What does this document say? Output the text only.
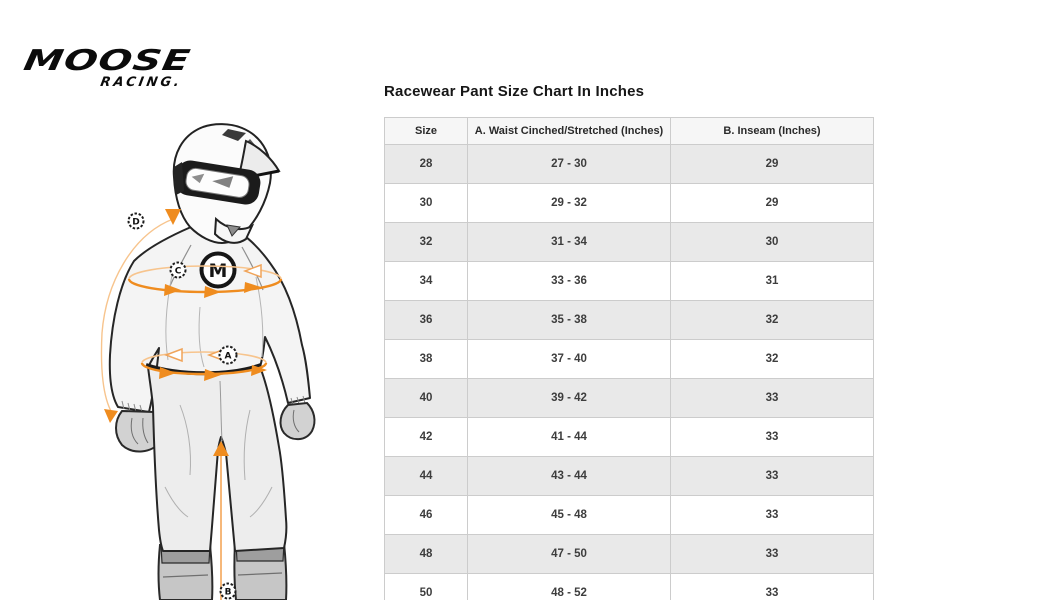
MOOSE
RACING.
M
D
C
A
B
Racewear Pant Size Chart In Inches
Size	A. Waist Cinched/Stretched (Inches)	B. Inseam (Inches)
28	27 - 30	29
30	29 - 32	29
32	31 - 34	30
34	33 - 36	31
36	35 - 38	32
38	37 - 40	32
40	39 - 42	33
42	41 - 44	33
44	43 - 44	33
46	45 - 48	33
48	47 - 50	33
50	48 - 52	33
